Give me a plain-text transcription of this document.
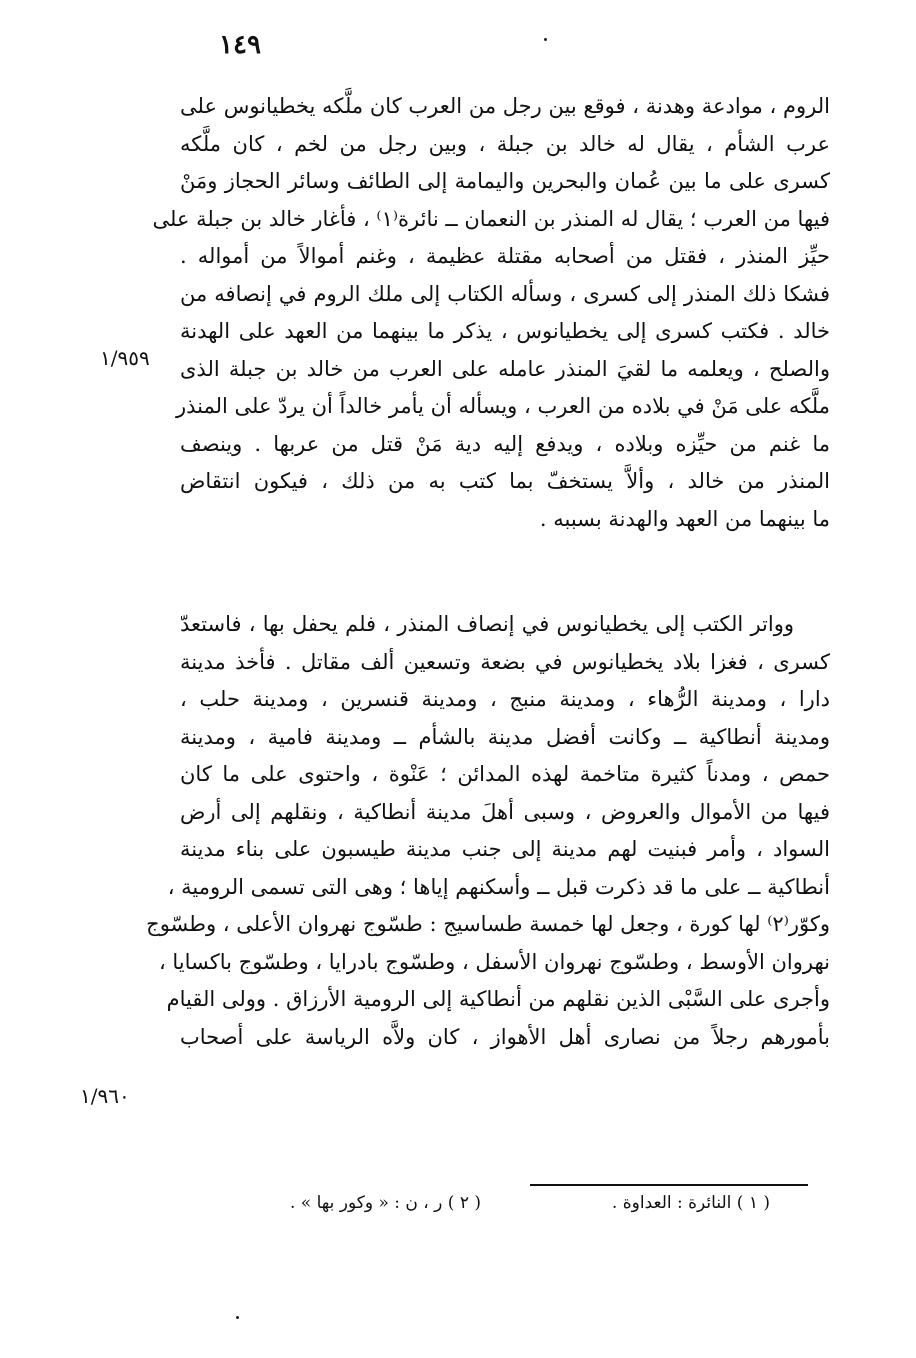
١٤٩
الروم ، موادعة وهدنة ، فوقع بين رجل من العرب كان ملَّكه يخطيانوس على
عرب الشأم ، يقال له خالد بن جبلة ، وبين رجل من لخم ، كان ملَّكه
كسرى على ما بين عُمان والبحرين واليمامة إلى الطائف وسائر الحجاز ومَنْ
فيها من العرب ؛ يقال له المنذر بن النعمان ــ نائرة⁽١⁾ ، فأغار خالد بن جبلة على
حيِّز المنذر ، فقتل من أصحابه مقتلة عظيمة ، وغنم أموالاً من أمواله .
فشكا ذلك المنذر إلى كسرى ، وسأله الكتاب إلى ملك الروم في إنصافه من
خالد . فكتب كسرى إلى يخطيانوس ، يذكر ما بينهما من العهد على الهدنة
والصلح ، ويعلمه ما لقيَ المنذر عامله على العرب من خالد بن جبلة الذى
ملَّكه على مَنْ في بلاده من العرب ، ويسأله أن يأمر خالداً أن يردّ على المنذر
ما غنم من حيِّزه وبلاده ، ويدفع إليه دية مَنْ قتل من عربها . وينصف
المنذر من خالد ، وألاَّ يستخفّ بما كتب به من ذلك ، فيكون انتقاض
ما بينهما من العهد والهدنة بسببه .
١/٩٥٩
وواتر الكتب إلى يخطيانوس في إنصاف المنذر ، فلم يحفل بها ، فاستعدّ
كسرى ، فغزا بلاد يخطيانوس في بضعة وتسعين ألف مقاتل . فأخذ مدينة
دارا ، ومدينة الرُّهاء ، ومدينة منبج ، ومدينة قنسرين ، ومدينة حلب ،
ومدينة أنطاكية ــ وكانت أفضل مدينة بالشأم ــ ومدينة فامية ، ومدينة
حمص ، ومدناً كثيرة متاخمة لهذه المدائن ؛ عَنْوة ، واحتوى على ما كان
فيها من الأموال والعروض ، وسبى أهلَ مدينة أنطاكية ، ونقلهم إلى أرض
السواد ، وأمر فبنيت لهم مدينة إلى جنب مدينة طيسبون على بناء مدينة
أنطاكية ــ على ما قد ذكرت قبل ــ وأسكنهم إياها ؛ وهى التى تسمى الرومية ،
وكوّر⁽٢⁾ لها كورة ، وجعل لها خمسة طساسيج : طسّوج نهروان الأعلى ، وطسّوج
نهروان الأوسط ، وطسّوج نهروان الأسفل ، وطسّوج بادرايا ، وطسّوج باكسايا ،
وأجرى على السَّبْى الذين نقلهم من أنطاكية إلى الرومية الأرزاق . وولى القيام
بأمورهم رجلاً من نصارى أهل الأهواز ، كان ولاَّه الرياسة على أصحاب
١/٩٦٠
( ١ ) النائرة : العداوة .
( ٢ ) ر ، ن : « وكور بها » .
